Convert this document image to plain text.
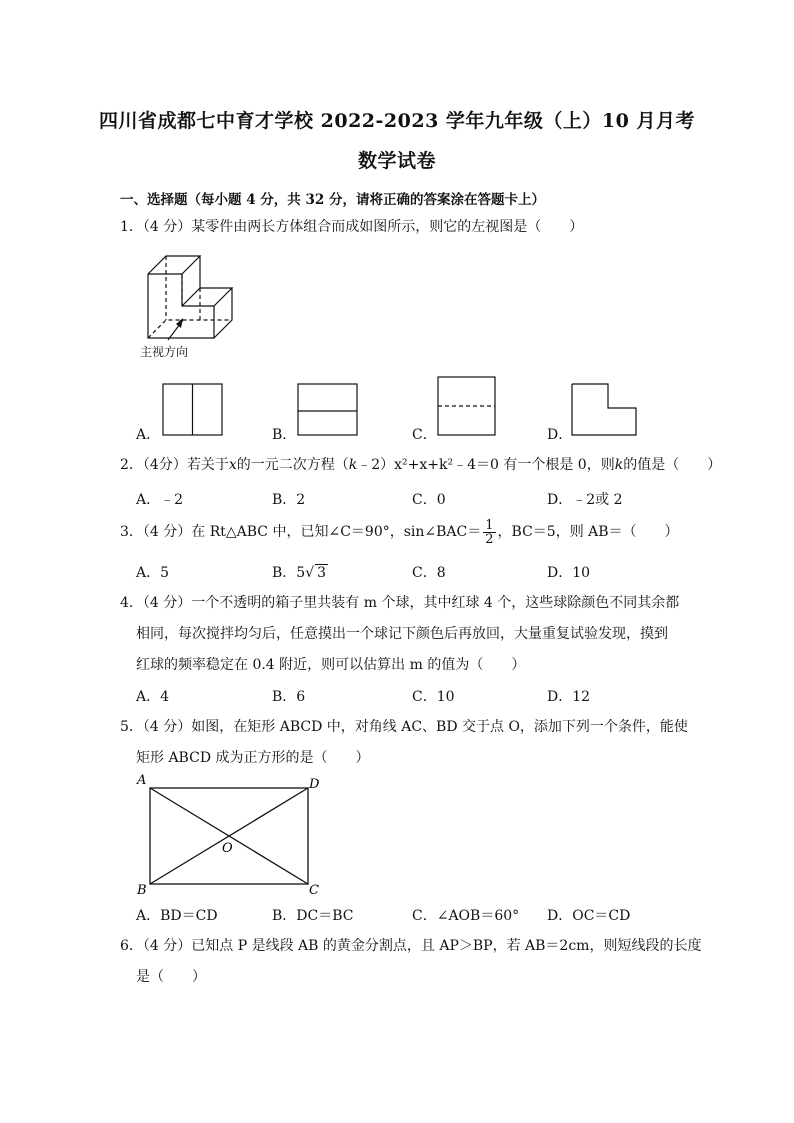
四川省成都七中育才学校 2022-2023 学年九年级（上）10 月月考
数学试卷
一、选择题（每小题 4 分，共 32 分，请将正确的答案涂在答题卡上）
1．（4 分）某零件由两长方体组合而成如图所示，则它的左视图是（　　）
主视方向
A．	B．	C．	D．
2．（4分）若关于x的一元二次方程（k﹣2）x²+x+k²﹣4＝0 有一个根是 0，则k的值是（　　）
A．﹣2	B．2	C．0	D．﹣2或 2
3．（4 分）在 Rt△ABC 中，已知∠C＝90°，sin∠BAC＝ $\frac{1}{2}$ ，BC＝5，则 AB＝（　　）
A．5	B．5√ 3	C．8	D．10
4．（4 分）一个不透明的箱子里共装有 m 个球，其中红球 4 个，这些球除颜色不同其余都
相同，每次搅拌均匀后，任意摸出一个球记下颜色后再放回，大量重复试验发现，摸到
红球的频率稳定在 0.4 附近，则可以估算出 m 的值为（　　）
A．4	B．6	C．10	D．12
5．（4 分）如图，在矩形 ABCD 中，对角线 AC、BD 交于点 O，添加下列一个条件，能使
矩形 ABCD 成为正方形的是（　　）
A	D
O
B	C
A．BD＝CD	B．DC＝BC	C．∠AOB＝60° D．OC＝CD
6．（4 分）已知点 P 是线段 AB 的黄金分割点，且 AP＞BP，若 AB＝2cm，则短线段的长度
是（　　）
